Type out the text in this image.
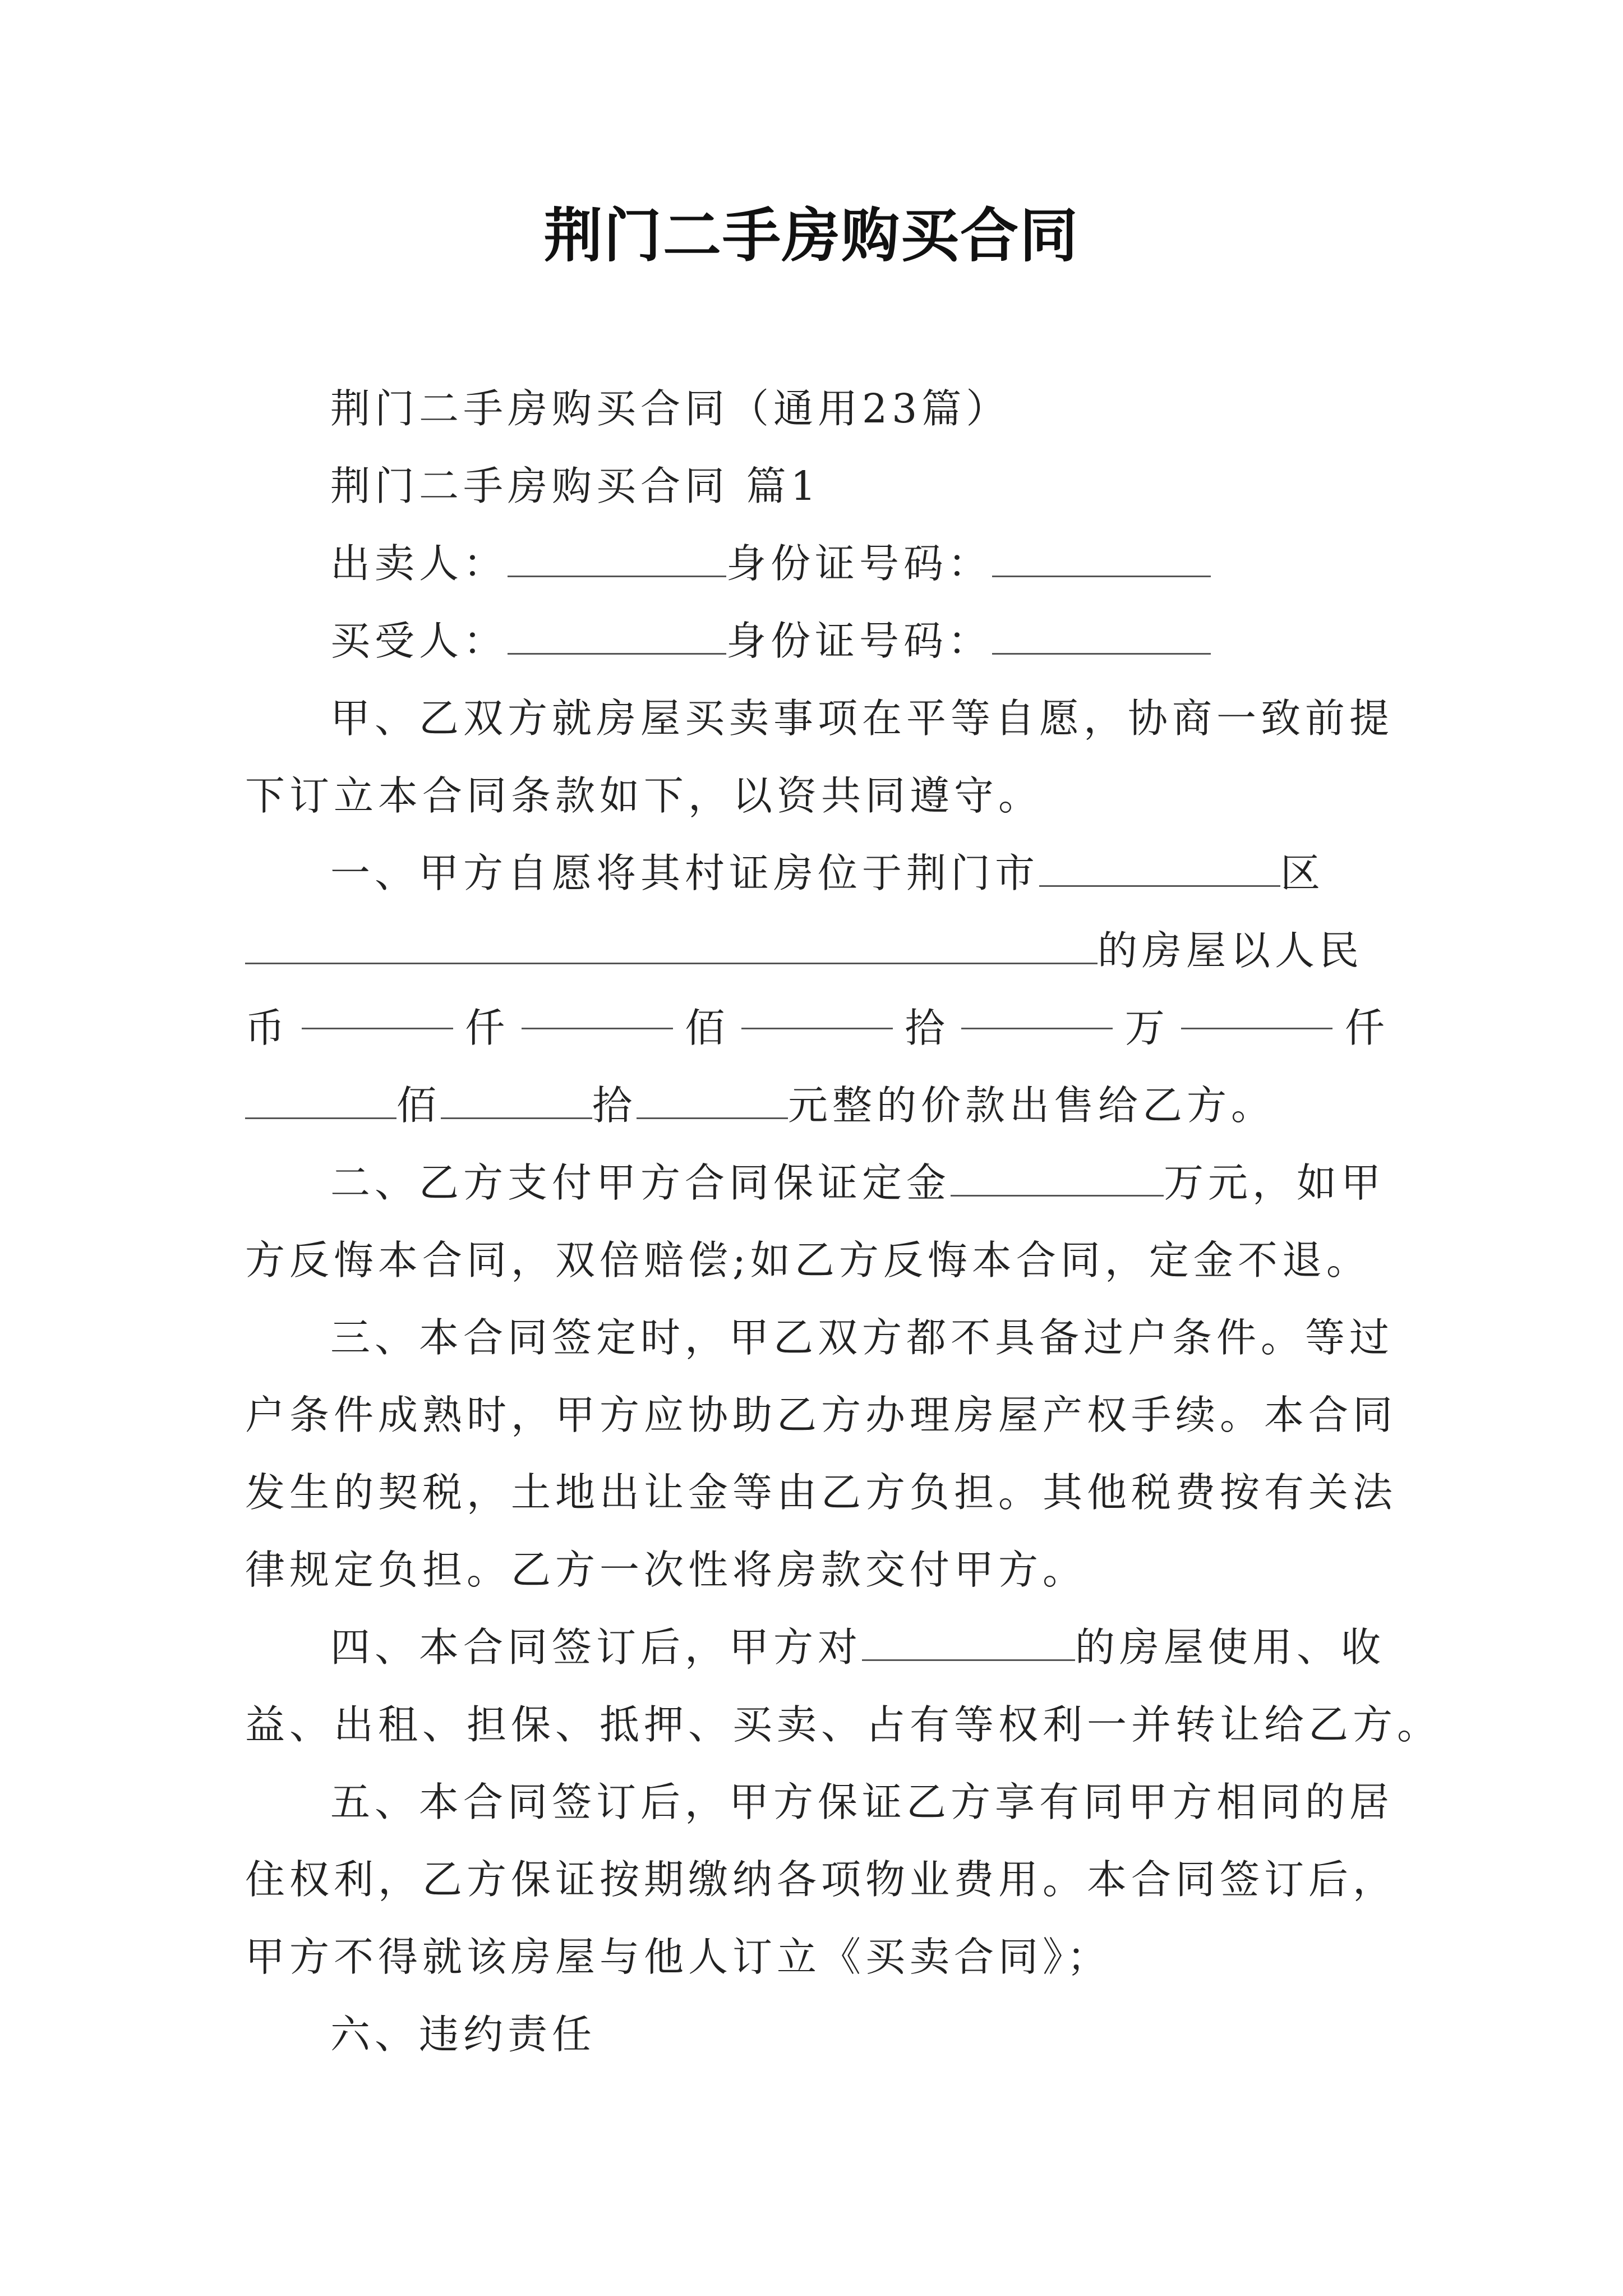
荆门二手房购买合同
荆门二手房购买合同（通用23篇）
荆门二手房购买合同 篇1
出卖人：	身份证号码：
买受人：	身份证号码：
甲、乙双方就房屋买卖事项在平等自愿，协商一致前提
下订立本合同条款如下，以资共同遵守。
一、甲方自愿将其村证房位于荆门市	区
的房屋以人民
币	仟	佰	拾	万	仟
佰	拾	元整的价款出售给乙方。
二、乙方支付甲方合同保证定金	万元，如甲
方反悔本合同，双倍赔偿;如乙方反悔本合同，定金不退。
三、本合同签定时，甲乙双方都不具备过户条件。等过
户条件成熟时，甲方应协助乙方办理房屋产权手续。本合同
发生的契税，土地出让金等由乙方负担。其他税费按有关法
律规定负担。乙方一次性将房款交付甲方。
四、本合同签订后，甲方对	的房屋使用、收
益、出租、担保、抵押、买卖、占有等权利一并转让给乙方。
五、本合同签订后，甲方保证乙方享有同甲方相同的居
住权利，乙方保证按期缴纳各项物业费用。本合同签订后，
甲方不得就该房屋与他人订立《买卖合同》；
六、违约责任
